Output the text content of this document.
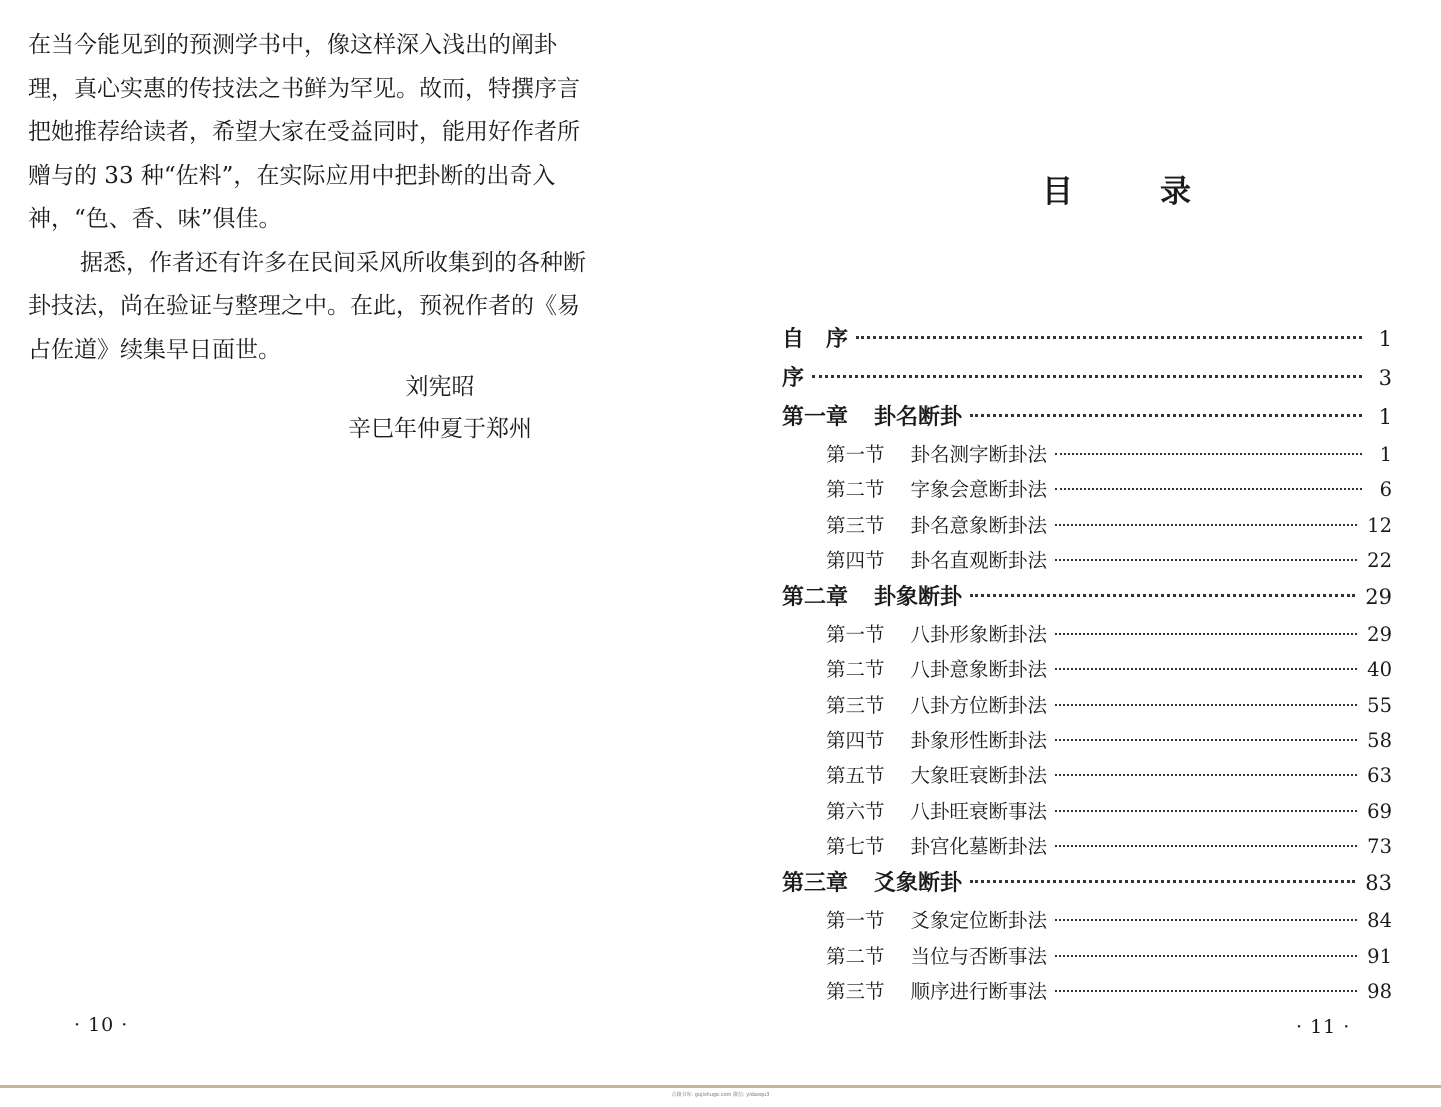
在当今能见到的预测学书中，像这样深入浅出的阐卦
理，真心实惠的传技法之书鲜为罕见。故而，特撰序言
把她推荐给读者，希望大家在受益同时，能用好作者所
赠与的 33 种“佐料”，在实际应用中把卦断的出奇入
神，“色、香、味”俱佳。
据悉，作者还有许多在民间采风所收集到的各种断
卦技法，尚在验证与整理之中。在此，预祝作者的《易
占佐道》续集早日面世。
刘宪昭
辛巳年仲夏于郑州
· 10 ·
目　录
自　序	1
序	3
第一章 卦名断卦	1
第一节 卦名测字断卦法	1
第二节 字象会意断卦法	6
第三节 卦名意象断卦法	12
第四节 卦名直观断卦法	22
第二章 卦象断卦	29
第一节 八卦形象断卦法	29
第二节 八卦意象断卦法	40
第三节 八卦方位断卦法	55
第四节 卦象形性断卦法	58
第五节 大象旺衰断卦法	63
第六节 八卦旺衰断事法	69
第七节 卦宫化墓断卦法	73
第三章 爻象断卦	83
第一节 爻象定位断卦法	84
第二节 当位与否断事法	91
第三节 顺序进行断事法	98
· 11 ·
古籍书库: gujishuge.com 微信: yidaoqu3
